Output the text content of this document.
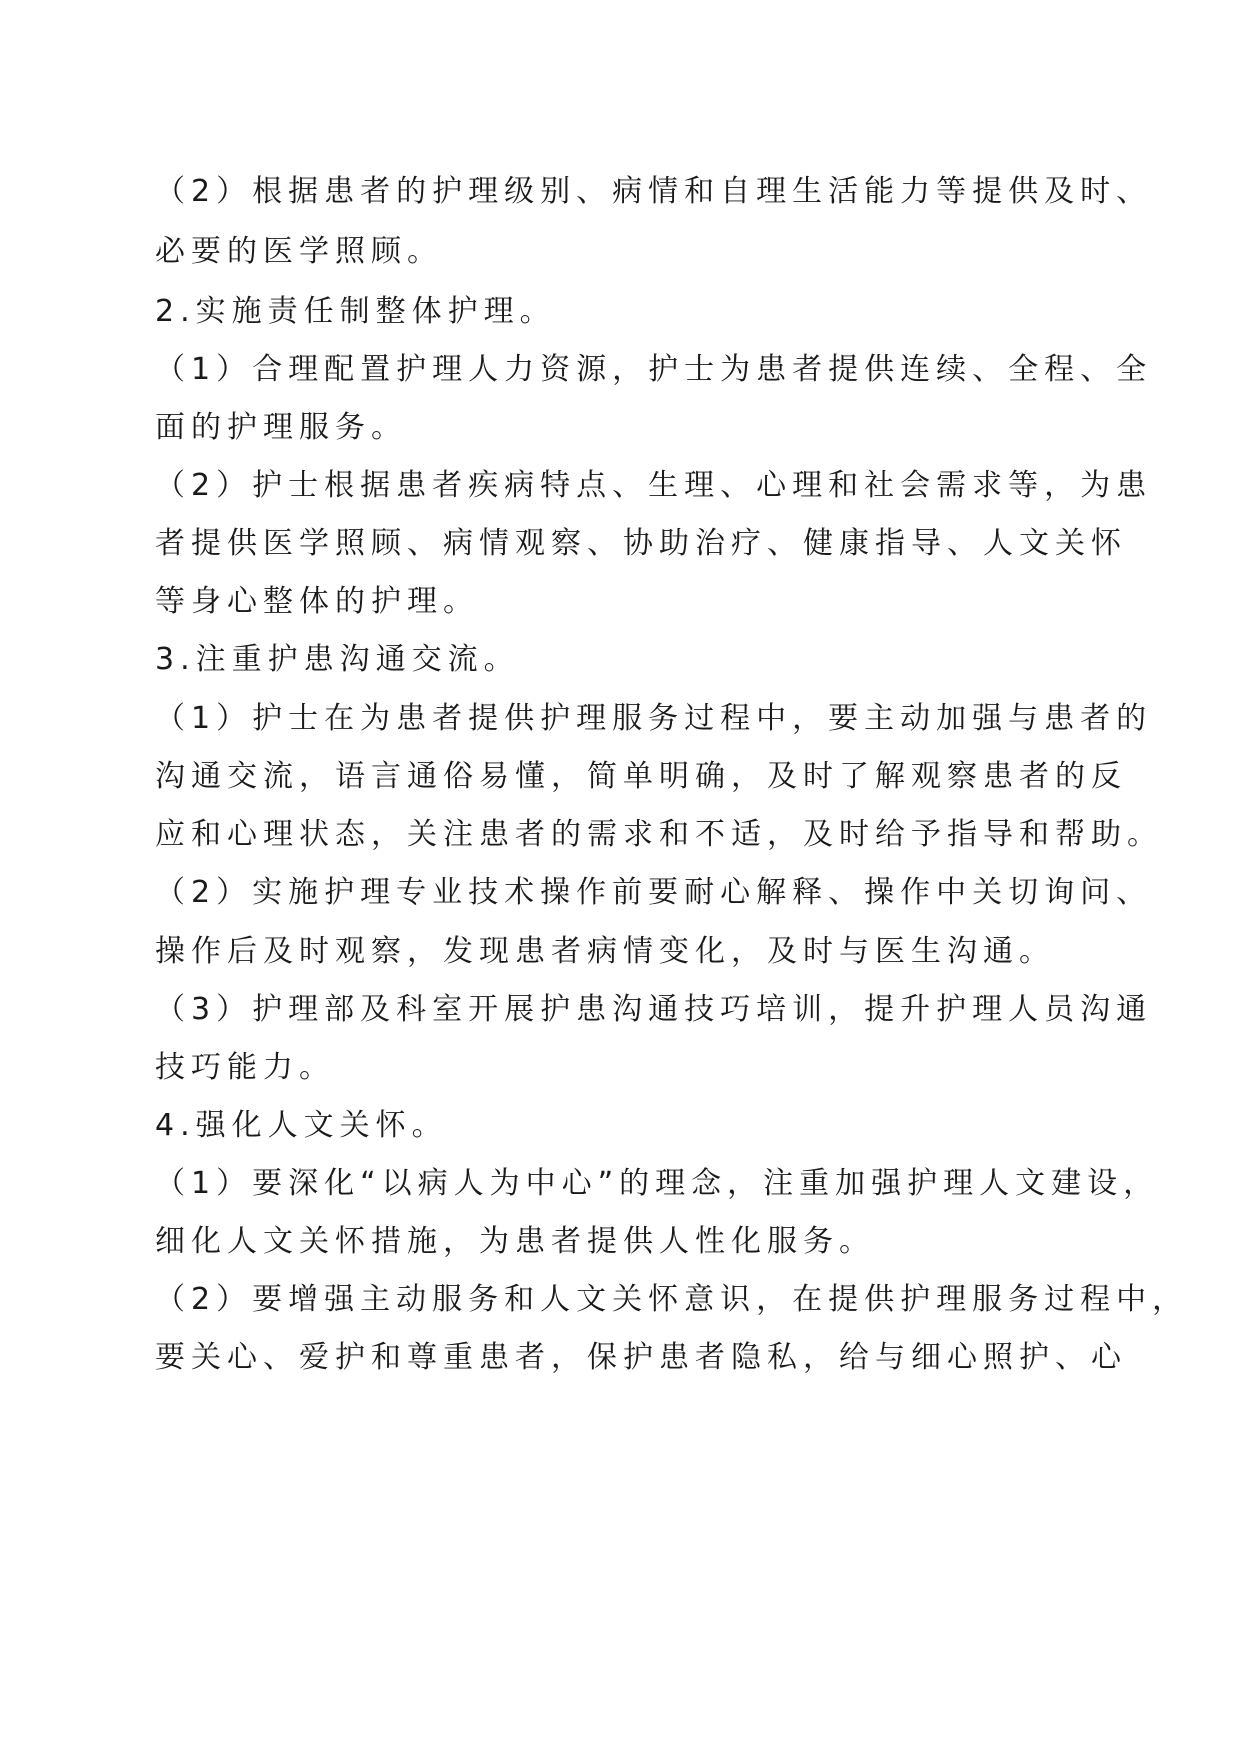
（2）根据患者的护理级别、病情和自理生活能力等提供及时、
必要的医学照顾。
2.实施责任制整体护理。
（1）合理配置护理人力资源，护士为患者提供连续、全程、全
面的护理服务。
（2）护士根据患者疾病特点、生理、心理和社会需求等，为患
者提供医学照顾、病情观察、协助治疗、健康指导、人文关怀
等身心整体的护理。
3.注重护患沟通交流。
（1）护士在为患者提供护理服务过程中，要主动加强与患者的
沟通交流，语言通俗易懂，简单明确，及时了解观察患者的反
应和心理状态，关注患者的需求和不适，及时给予指导和帮助。
（2）实施护理专业技术操作前要耐心解释、操作中关切询问、
操作后及时观察，发现患者病情变化，及时与医生沟通。
（3）护理部及科室开展护患沟通技巧培训，提升护理人员沟通
技巧能力。
4.强化人文关怀。
（1）要深化“以病人为中心”的理念，注重加强护理人文建设，
细化人文关怀措施，为患者提供人性化服务。
（2）要增强主动服务和人文关怀意识，在提供护理服务过程中，
要关心、爱护和尊重患者，保护患者隐私，给与细心照护、心
